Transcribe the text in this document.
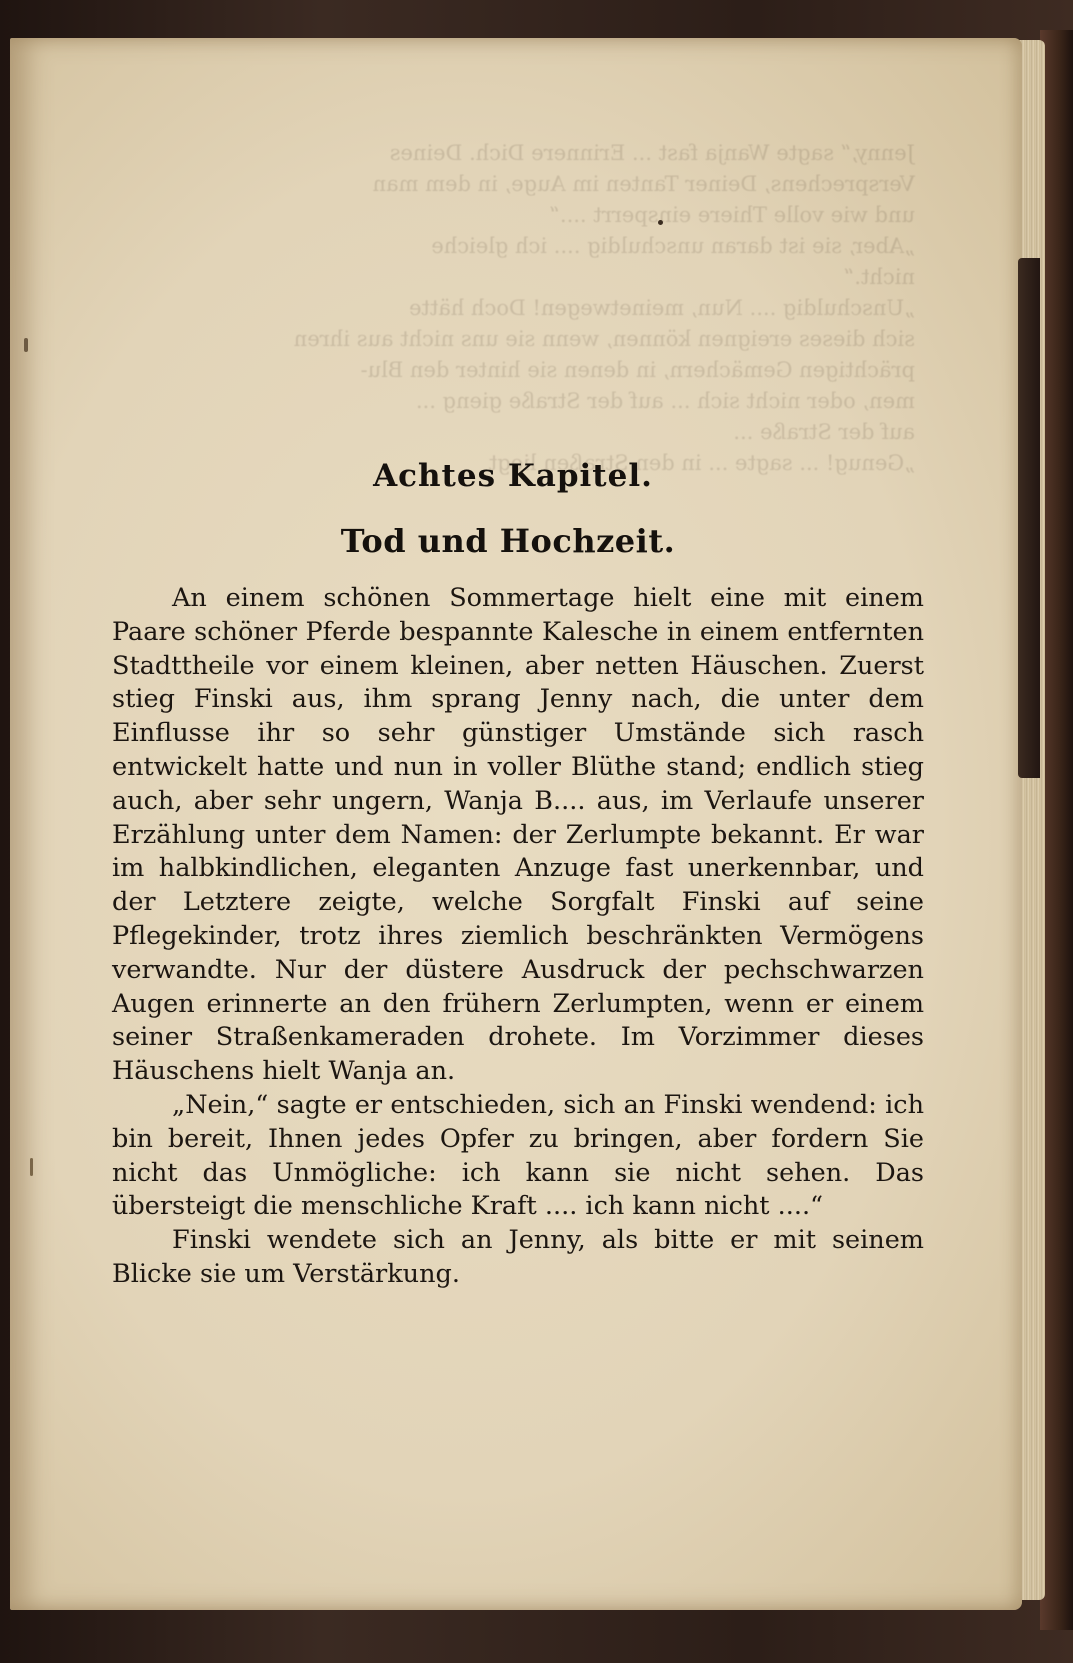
Jenny,“ sagte Wanja fast ... Erinnere Dich. Deines

Versprechens, Deiner Tanten im Auge, in dem man

und wie volle Thiere einsperrt ....“

„Aber, sie ist daran unschuldig .... ich gleiche

nicht.“

„Unschuldig .... Nun, meinetwegen! Doch hätte

sich dieses ereignen können, wenn sie uns nicht aus ihren

prächtigen Gemächern, in denen sie hinter den Blu-

men, oder nicht sich ... auf der Straße gieng ...

auf der Straße ...

„Genug! ... sagte ... in den Straßen liegt

Achtes Kapitel.
Tod und Hochzeit.

An einem schönen Sommertage hielt eine mit einem Paare schöner Pferde bespannte Kalesche in einem entfernten Stadttheile vor einem kleinen, aber netten Häuschen. Zuerst stieg Finski aus, ihm sprang Jenny nach, die unter dem Einflusse ihr so sehr günstiger Umstände sich rasch entwickelt hatte und nun in voller Blüthe stand; endlich stieg auch, aber sehr ungern, Wanja B.... aus, im Verlaufe unserer Erzählung unter dem Namen: der Zerlumpte bekannt. Er war im halbkindlichen, eleganten Anzuge fast unerkennbar, und der Letztere zeigte, welche Sorgfalt Finski auf seine Pflegekinder, trotz ihres ziemlich beschränkten Vermögens verwandte. Nur der düstere Ausdruck der pechschwarzen Augen erinnerte an den frühern Zerlumpten, wenn er einem seiner Straßenkameraden drohete. Im Vorzimmer dieses Häuschens hielt Wanja an.

„Nein,“ sagte er entschieden, sich an Finski wendend: ich bin bereit, Ihnen jedes Opfer zu bringen, aber fordern Sie nicht das Unmögliche: ich kann sie nicht sehen. Das übersteigt die menschliche Kraft .... ich kann nicht ....“

Finski wendete sich an Jenny, als bitte er mit seinem Blicke sie um Verstärkung.
